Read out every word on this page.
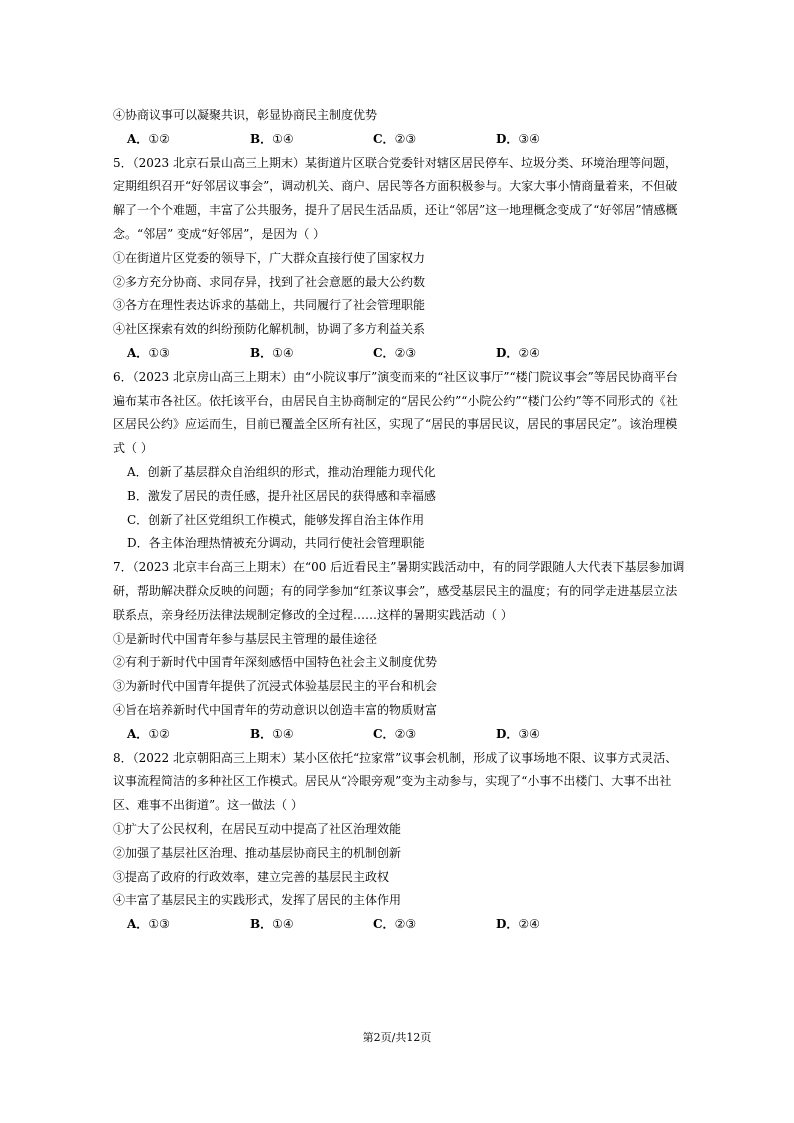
④协商议事可以凝聚共识，彰显协商民主制度优势
A．①②	B．①④	C．②③	D．③④
5．（2023 北京石景山高三上期末）某街道片区联合党委针对辖区居民停车、垃圾分类、环境治理等问题，
定期组织召开“好邻居议事会”，调动机关、商户、居民等各方面积极参与。大家大事小情商量着来，不但破
解了一个个难题，丰富了公共服务，提升了居民生活品质，还让“邻居”这一地理概念变成了“好邻居”情感概
念。“邻居” 变成“好邻居”，是因为（ ）
①在街道片区党委的领导下，广大群众直接行使了国家权力
②多方充分协商、求同存异，找到了社会意愿的最大公约数
③各方在理性表达诉求的基础上，共同履行了社会管理职能
④社区探索有效的纠纷预防化解机制，协调了多方利益关系
A．①③	B．①④	C．②③	D．②④
6．（2023 北京房山高三上期末）由“小院议事厅”演变而来的“社区议事厅”“楼门院议事会”等居民协商平台
遍布某市各社区。依托该平台，由居民自主协商制定的“居民公约”“小院公约”“楼门公约”等不同形式的《社
区居民公约》应运而生，目前已覆盖全区所有社区，实现了“居民的事居民议，居民的事居民定”。该治理模
式（ ）
A．创新了基层群众自治组织的形式，推动治理能力现代化
B．激发了居民的责任感，提升社区居民的获得感和幸福感
C．创新了社区党组织工作模式，能够发挥自治主体作用
D．各主体治理热情被充分调动，共同行使社会管理职能
7．（2023 北京丰台高三上期末）在“00 后近看民主”暑期实践活动中，有的同学跟随人大代表下基层参加调
研，帮助解决群众反映的问题；有的同学参加“红茶议事会”，感受基层民主的温度；有的同学走进基层立法
联系点，亲身经历法律法规制定修改的全过程……这样的暑期实践活动（ ）
①是新时代中国青年参与基层民主管理的最佳途径
②有利于新时代中国青年深刻感悟中国特色社会主义制度优势
③为新时代中国青年提供了沉浸式体验基层民主的平台和机会
④旨在培养新时代中国青年的劳动意识以创造丰富的物质财富
A．①②	B．①④	C．②③	D．③④
8．（2022 北京朝阳高三上期末）某小区依托“拉家常”议事会机制，形成了议事场地不限、议事方式灵活、
议事流程简洁的多种社区工作模式。居民从“冷眼旁观”变为主动参与，实现了“小事不出楼门、大事不出社
区、难事不出街道”。这一做法（ ）
①扩大了公民权利，在居民互动中提高了社区治理效能
②加强了基层社区治理、推动基层协商民主的机制创新
③提高了政府的行政效率，建立完善的基层民主政权
④丰富了基层民主的实践形式，发挥了居民的主体作用
A．①③	B．①④	C．②③	D．②④
第2页/共12页
